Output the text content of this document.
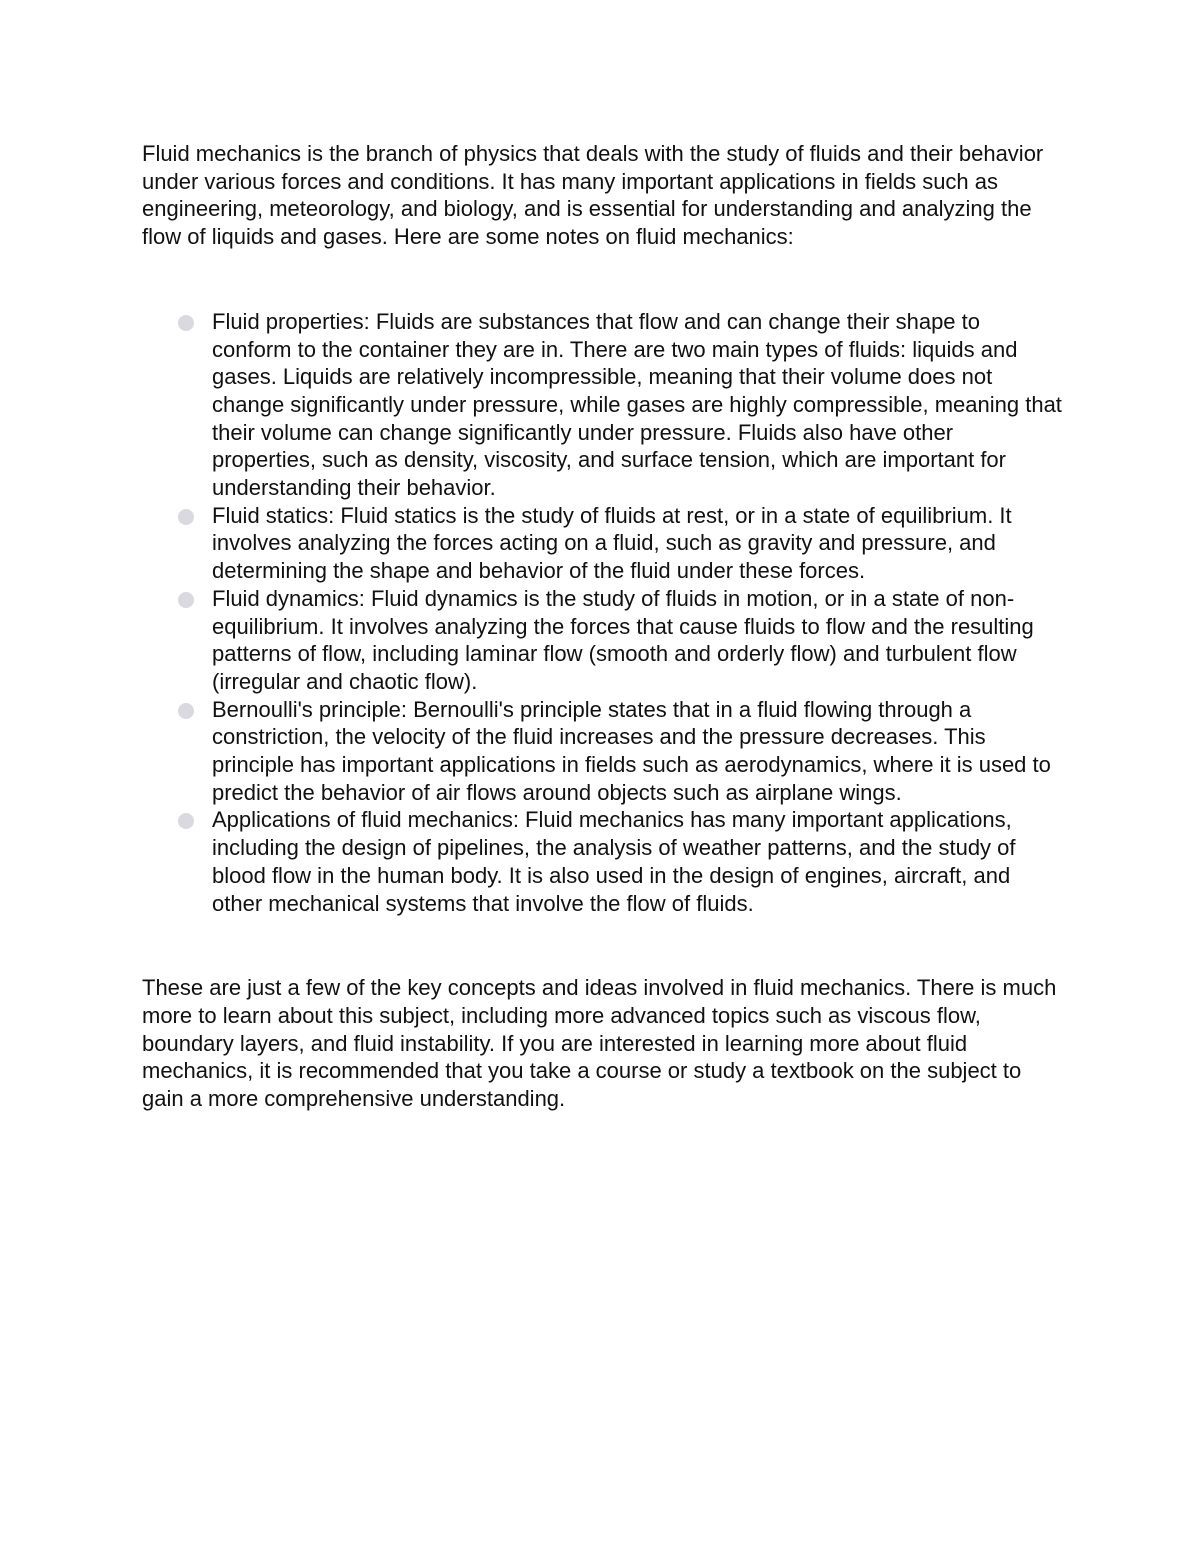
Fluid mechanics is the branch of physics that deals with the study of fluids and their behavior under various forces and conditions. It has many important applications in fields such as engineering, meteorology, and biology, and is essential for understanding and analyzing the flow of liquids and gases. Here are some notes on fluid mechanics:

Fluid properties: Fluids are substances that flow and can change their shape to conform to the container they are in. There are two main types of fluids: liquids and gases. Liquids are relatively incompressible, meaning that their volume does not change significantly under pressure, while gases are highly compressible, meaning that their volume can change significantly under pressure. Fluids also have other properties, such as density, viscosity, and surface tension, which are important for understanding their behavior.
Fluid statics: Fluid statics is the study of fluids at rest, or in a state of equilibrium. It involves analyzing the forces acting on a fluid, such as gravity and pressure, and determining the shape and behavior of the fluid under these forces.
Fluid dynamics: Fluid dynamics is the study of fluids in motion, or in a state of non-equilibrium. It involves analyzing the forces that cause fluids to flow and the resulting patterns of flow, including laminar flow (smooth and orderly flow) and turbulent flow (irregular and chaotic flow).
Bernoulli's principle: Bernoulli's principle states that in a fluid flowing through a constriction, the velocity of the fluid increases and the pressure decreases. This principle has important applications in fields such as aerodynamics, where it is used to predict the behavior of air flows around objects such as airplane wings.
Applications of fluid mechanics: Fluid mechanics has many important applications, including the design of pipelines, the analysis of weather patterns, and the study of blood flow in the human body. It is also used in the design of engines, aircraft, and other mechanical systems that involve the flow of fluids.

These are just a few of the key concepts and ideas involved in fluid mechanics. There is much more to learn about this subject, including more advanced topics such as viscous flow, boundary layers, and fluid instability. If you are interested in learning more about fluid mechanics, it is recommended that you take a course or study a textbook on the subject to gain a more comprehensive understanding.
